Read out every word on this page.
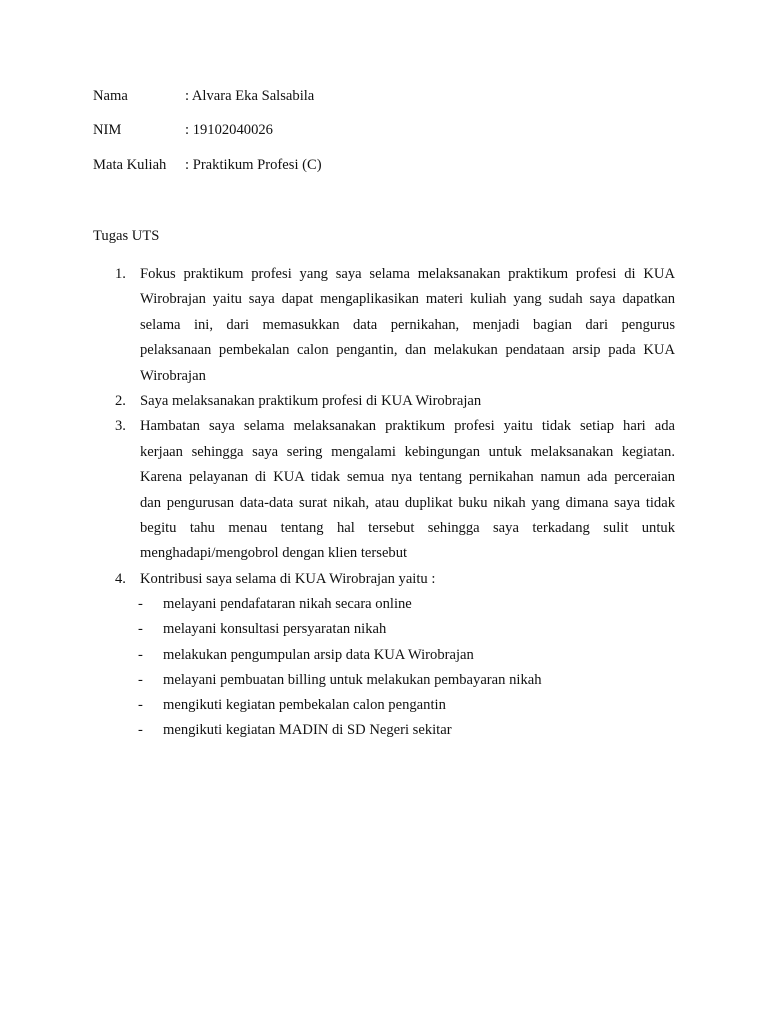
Nama	: Alvara Eka Salsabila
NIM	: 19102040026
Mata Kuliah : Praktikum Profesi (C)
Tugas UTS
1. Fokus praktikum profesi yang saya selama melaksanakan praktikum profesi di KUA
Wirobrajan yaitu saya dapat mengaplikasikan materi kuliah yang sudah saya dapatkan
selama ini, dari memasukkan data pernikahan, menjadi bagian dari pengurus
pelaksanaan pembekalan calon pengantin, dan melakukan pendataan arsip pada KUA
Wirobrajan
2. Saya melaksanakan praktikum profesi di KUA Wirobrajan
3. Hambatan saya selama melaksanakan praktikum profesi yaitu tidak setiap hari ada
kerjaan sehingga saya sering mengalami kebingungan untuk melaksanakan kegiatan.
Karena pelayanan di KUA tidak semua nya tentang pernikahan namun ada perceraian
dan pengurusan data-data surat nikah, atau duplikat buku nikah yang dimana saya tidak
begitu tahu menau tentang hal tersebut sehingga saya terkadang sulit untuk
menghadapi/mengobrol dengan klien tersebut
4. Kontribusi saya selama di KUA Wirobrajan yaitu :
- melayani pendafataran nikah secara online
- melayani konsultasi persyaratan nikah
- melakukan pengumpulan arsip data KUA Wirobrajan
- melayani pembuatan billing untuk melakukan pembayaran nikah
- mengikuti kegiatan pembekalan calon pengantin
- mengikuti kegiatan MADIN di SD Negeri sekitar
